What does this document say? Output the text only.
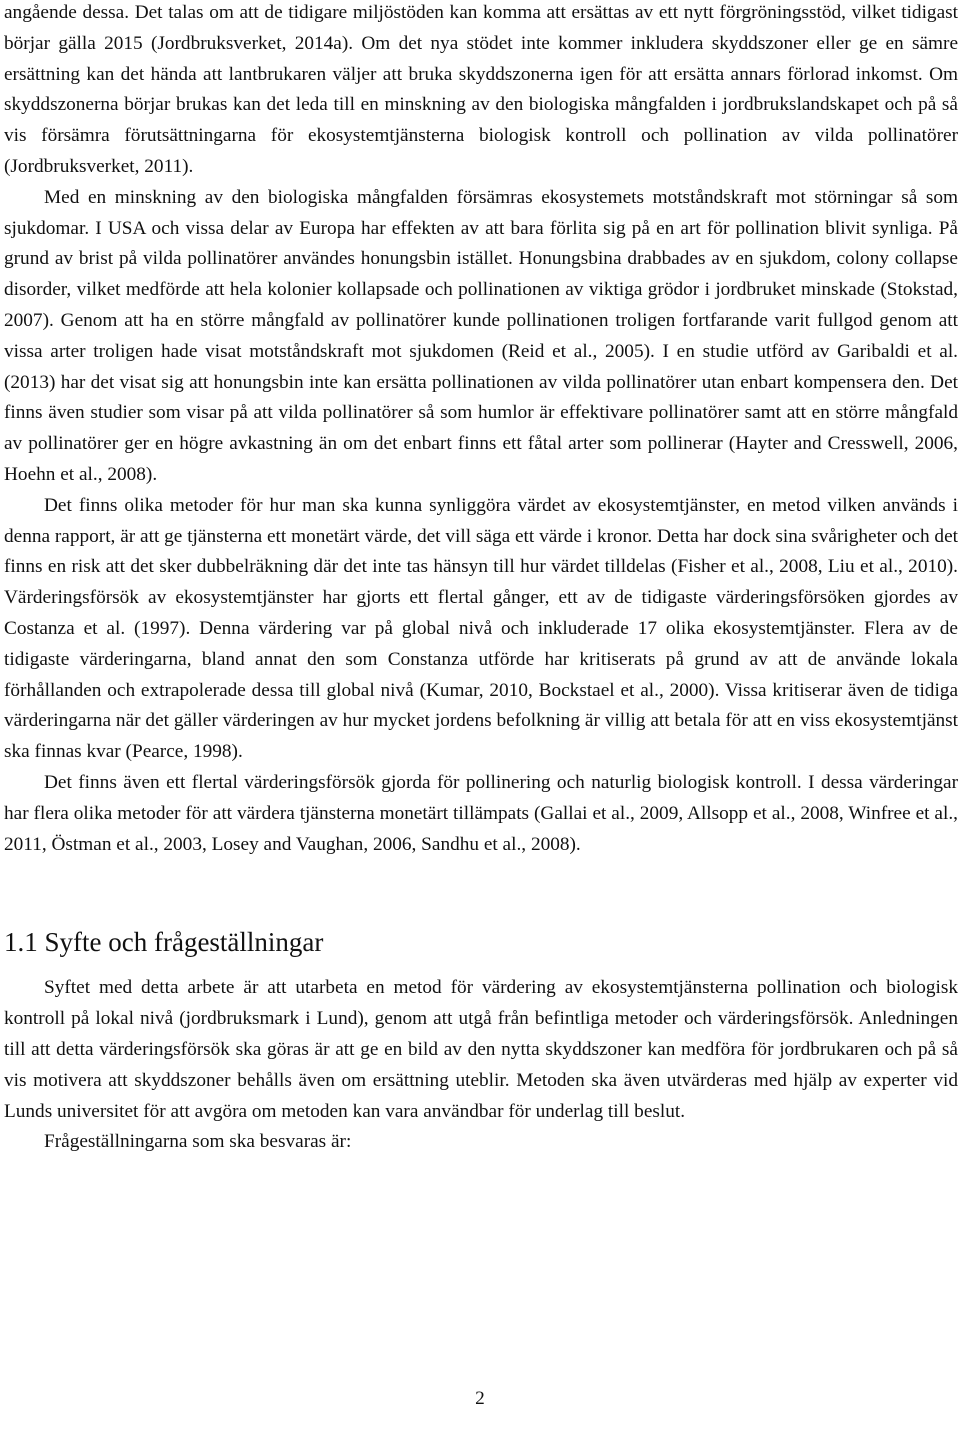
angående dessa. Det talas om att de tidigare miljöstöden kan komma att ersättas av ett nytt förgröningsstöd, vilket tidigast börjar gälla 2015 (Jordbruksverket, 2014a). Om det nya stödet inte kommer inkludera skyddszoner eller ge en sämre ersättning kan det hända att lantbrukaren väljer att bruka skyddszonerna igen för att ersätta annars förlorad inkomst. Om skyddszonerna börjar brukas kan det leda till en minskning av den biologiska mångfalden i jordbrukslandskapet och på så vis försämra förutsättningarna för ekosystemtjänsterna biologisk kontroll och pollination av vilda pollinatörer (Jordbruksverket, 2011).

Med en minskning av den biologiska mångfalden försämras ekosystemets motståndskraft mot störningar så som sjukdomar. I USA och vissa delar av Europa har effekten av att bara förlita sig på en art för pollination blivit synliga. På grund av brist på vilda pollinatörer användes honungsbin istället. Honungsbina drabbades av en sjukdom, colony collapse disorder, vilket medförde att hela kolonier kollapsade och pollinationen av viktiga grödor i jordbruket minskade (Stokstad, 2007). Genom att ha en större mångfald av pollinatörer kunde pollinationen troligen fortfarande varit fullgod genom att vissa arter troligen hade visat motståndskraft mot sjukdomen (Reid et al., 2005). I en studie utförd av Garibaldi et al. (2013) har det visat sig att honungsbin inte kan ersätta pollinationen av vilda pollinatörer utan enbart kompensera den. Det finns även studier som visar på att vilda pollinatörer så som humlor är effektivare pollinatörer samt att en större mångfald av pollinatörer ger en högre avkastning än om det enbart finns ett fåtal arter som pollinerar (Hayter and Cresswell, 2006, Hoehn et al., 2008).

Det finns olika metoder för hur man ska kunna synliggöra värdet av ekosystemtjänster, en metod vilken används i denna rapport, är att ge tjänsterna ett monetärt värde, det vill säga ett värde i kronor. Detta har dock sina svårigheter och det finns en risk att det sker dubbelräkning där det inte tas hänsyn till hur värdet tilldelas (Fisher et al., 2008, Liu et al., 2010). Värderingsförsök av ekosystemtjänster har gjorts ett flertal gånger, ett av de tidigaste värderingsförsöken gjordes av Costanza et al. (1997). Denna värdering var på global nivå och inkluderade 17 olika ekosystemtjänster. Flera av de tidigaste värderingarna, bland annat den som Constanza utförde har kritiserats på grund av att de använde lokala förhållanden och extrapolerade dessa till global nivå (Kumar, 2010, Bockstael et al., 2000). Vissa kritiserar även de tidiga värderingarna när det gäller värderingen av hur mycket jordens befolkning är villig att betala för att en viss ekosystemtjänst ska finnas kvar (Pearce, 1998).

Det finns även ett flertal värderingsförsök gjorda för pollinering och naturlig biologisk kontroll. I dessa värderingar har flera olika metoder för att värdera tjänsterna monetärt tillämpats (Gallai et al., 2009, Allsopp et al., 2008, Winfree et al., 2011, Östman et al., 2003, Losey and Vaughan, 2006, Sandhu et al., 2008).

1.1 Syfte och frågeställningar

Syftet med detta arbete är att utarbeta en metod för värdering av ekosystemtjänsterna pollination och biologisk kontroll på lokal nivå (jordbruksmark i Lund), genom att utgå från befintliga metoder och värderingsförsök. Anledningen till att detta värderingsförsök ska göras är att ge en bild av den nytta skyddszoner kan medföra för jordbrukaren och på så vis motivera att skyddszoner behålls även om ersättning uteblir. Metoden ska även utvärderas med hjälp av experter vid Lunds universitet för att avgöra om metoden kan vara användbar för underlag till beslut.

Frågeställningarna som ska besvaras är:

2
